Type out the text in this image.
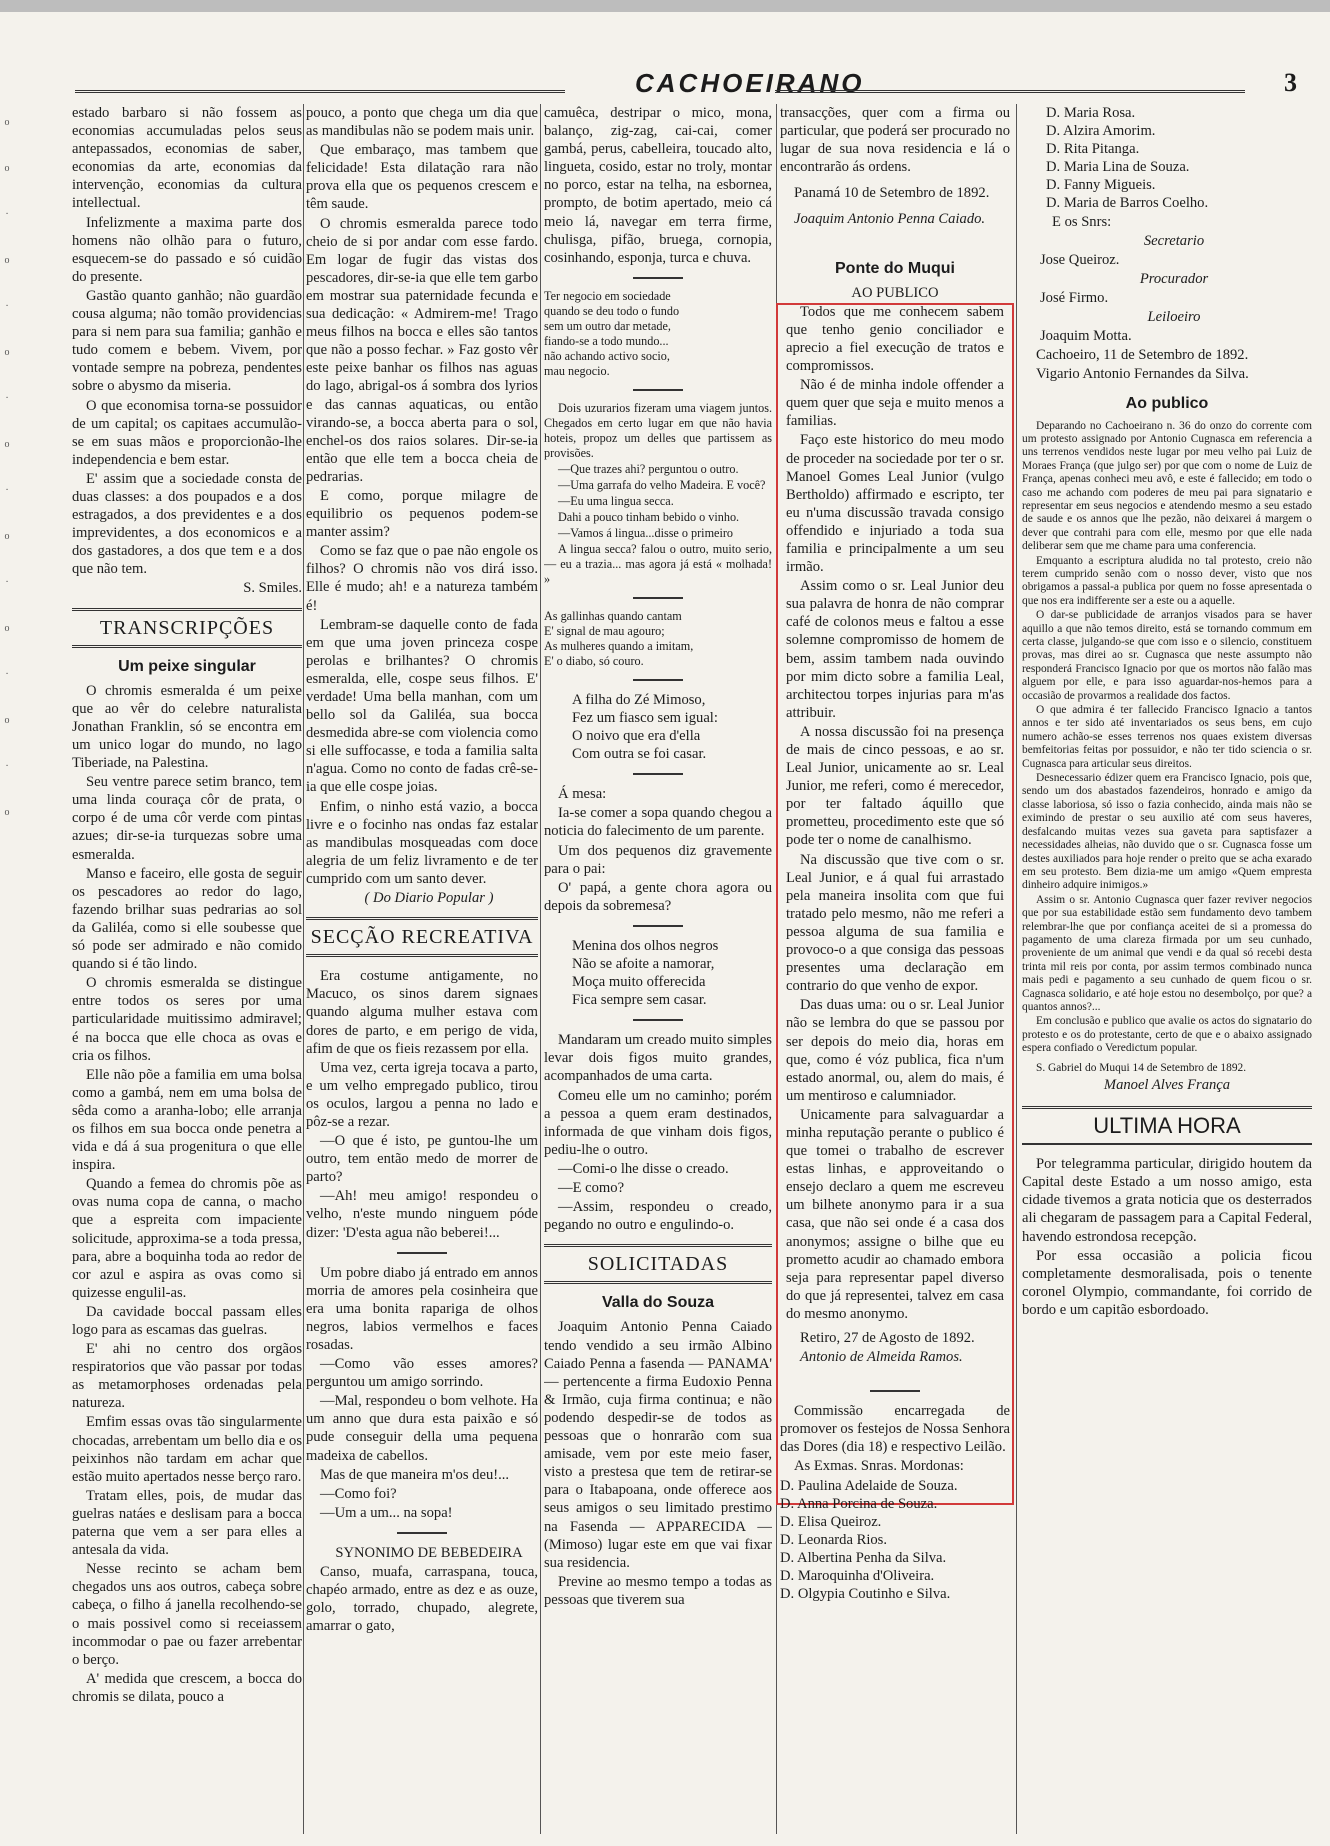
o
o
·
o
·
o
·
o
·
o
·
o
·
o
·
o
CACHOEIRANO	3

estado barbaro si não fossem as economias accumuladas pelos seus antepassados, economias de saber, economias da arte, economias da intervenção, economias da cultura intellectual.

Infelizmente a maxima parte dos homens não olhão para o futuro, esquecem-se do passado e só cuidão do presente.

Gastão quanto ganhão; não guardão cousa alguma; não tomão providencias para si nem para sua familia; ganhão e tudo comem e bebem. Vivem, por vontade sempre na pobreza, pendentes sobre o abysmo da miseria.

O que economisa torna-se possuidor de um capital; os capitaes accumulão-se em suas mãos e proporcionão-lhe independencia e bem estar.

E' assim que a sociedade consta de duas classes: a dos poupados e a dos estragados, a dos previdentes e a dos imprevidentes, a dos economicos e a dos gastadores, a dos que tem e a dos que não tem.

S. Smiles.

TRANSCRIPÇÕES
Um peixe singular

O chromis esmeralda é um peixe que ao vêr do celebre naturalista Jonathan Franklin, só se encontra em um unico logar do mundo, no lago Tiberiade, na Palestina.

Seu ventre parece setim branco, tem uma linda couraça côr de prata, o corpo é de uma côr verde com pintas azues; dir-se-ia turquezas sobre uma esmeralda.

Manso e faceiro, elle gosta de seguir os pescadores ao redor do lago, fazendo brilhar suas pedrarias ao sol da Galiléa, como si elle soubesse que só pode ser admirado e não comido quando si é tão lindo.

O chromis esmeralda se distingue entre todos os seres por uma particularidade muitissimo admiravel; é na bocca que elle choca as ovas e cria os filhos.

Elle não põe a familia em uma bolsa como a gambá, nem em uma bolsa de sêda como a aranha-lobo; elle arranja os filhos em sua bocca onde penetra a vida e dá á sua progenitura o que elle inspira.

Quando a femea do chromis põe as ovas numa copa de canna, o macho que a espreita com impaciente solicitude, approxima-se a toda pressa, para, abre a boquinha toda ao redor de cor azul e aspira as ovas como si quizesse engulil-as.

Da cavidade boccal passam elles logo para as escamas das guelras.

E' ahi no centro dos orgãos respiratorios que vão passar por todas as metamorphoses ordenadas pela natureza.

Emfim essas ovas tão singularmente chocadas, arrebentam um bello dia e os peixinhos não tardam em achar que estão muito apertados nesse berço raro.

Tratam elles, pois, de mudar das guelras natáes e deslisam para a bocca paterna que vem a ser para elles a antesala da vida.

Nesse recinto se acham bem chegados uns aos outros, cabeça sobre cabeça, o filho á janella recolhendo-se o mais possivel como si receiassem incommodar o pae ou fazer arrebentar o berço.

A' medida que crescem, a bocca do chromis se dilata, pouco a

pouco, a ponto que chega um dia que as mandibulas não se podem mais unir.

Que embaraço, mas tambem que felicidade! Esta dilatação rara não prova ella que os pequenos crescem e têm saude.

O chromis esmeralda parece todo cheio de si por andar com esse fardo. Em logar de fugir das vistas dos pescadores, dir-se-ia que elle tem garbo em mostrar sua paternidade fecunda e sua dedicação: « Admirem-me! Trago meus filhos na bocca e elles são tantos que não a posso fechar. » Faz gosto vêr este peixe banhar os filhos nas aguas do lago, abrigal-os á sombra dos lyrios e das cannas aquaticas, ou então virando-se, a bocca aberta para o sol, enchel-os dos raios solares. Dir-se-ia então que elle tem a bocca cheia de pedrarias.

E como, porque milagre de equilibrio os pequenos podem-se manter assim?

Como se faz que o pae não engole os filhos? O chromis não vos dirá isso. Elle é mudo; ah! e a natureza também é!

Lembram-se daquelle conto de fada em que uma joven princeza cospe perolas e brilhantes? O chromis esmeralda, elle, cospe seus filhos. E' verdade! Uma bella manhan, com um bello sol da Galiléa, sua bocca desmedida abre-se com violencia como si elle suffocasse, e toda a familia salta n'agua. Como no conto de fadas crê-se-ia que elle cospe joias.

Enfim, o ninho está vazio, a bocca livre e o focinho nas ondas faz estalar as mandibulas mosqueadas com doce alegria de um feliz livramento e de ter cumprido com um santo dever.

( Do Diario Popular )

SECÇÃO RECREATIVA

Era costume antigamente, no Macuco, os sinos darem signaes quando alguma mulher estava com dores de parto, e em perigo de vida, afim de que os fieis rezassem por ella.

Uma vez, certa igreja tocava a parto, e um velho empregado publico, tirou os oculos, largou a penna no lado e pôz-se a rezar.

—O que é isto, pe guntou-lhe um outro, tem então medo de morrer de parto?

—Ah! meu amigo! respondeu o velho, n'este mundo ninguem póde dizer: 'D'esta agua não beberei!...

Um pobre diabo já entrado em annos morria de amores pela cosinheira que era uma bonita rapariga de olhos negros, labios vermelhos e faces rosadas.

—Como vão esses amores? perguntou um amigo sorrindo.

—Mal, respondeu o bom velhote. Ha um anno que dura esta paixão e só pude conseguir della uma pequena madeixa de cabellos.

Mas de que maneira m'os deu!...

—Como foi?

—Um a um... na sopa!

SYNONIMO DE BEBEDEIRA

Canso, muafa, carraspana, touca, chapéo armado, entre as dez e as ouze, golo, torrado, chupado, alegrete, amarrar o gato,

camuêca, destripar o mico, mona, balanço, zig-zag, cai-cai, comer gambá, perus, cabelleira, toucado alto, lingueta, cosido, estar no troly, montar no porco, estar na telha, na esbornea, prompto, de botim apertado, meio cá meio lá, navegar em terra firme, chulisga, pifão, bruega, cornopia, cosinhando, esponja, turca e chuva.

Ter negocio em sociedade

quando se deu todo o fundo

sem um outro dar metade,

fiando-se a todo mundo...

não achando activo socio,

mau negocio.

Dois uzurarios fizeram uma viagem juntos. Chegados em certo lugar em que não havia hoteis, propoz um delles que partissem as provisões.

—Que trazes ahi? perguntou o outro.

—Uma garrafa do velho Madeira. E você?

—Eu uma lingua secca.

Dahi a pouco tinham bebido o vinho.

—Vamos á lingua...disse o primeiro

A lingua secca? falou o outro, muito serio, — eu a trazia... mas agora já está « molhada! »

As gallinhas quando cantam

E' signal de mau agouro;

As mulheres quando a imitam,

E' o diabo, só couro.

A filha do Zé Mimoso,

Fez um fiasco sem igual:

O noivo que era d'ella

Com outra se foi casar.

Á mesa:

Ia-se comer a sopa quando chegou a noticia do falecimento de um parente.

Um dos pequenos diz gravemente para o pai:

O' papá, a gente chora agora ou depois da sobremesa?

Menina dos olhos negros

Não se afoite a namorar,

Moça muito offerecida

Fica sempre sem casar.

Mandaram um creado muito simples levar dois figos muito grandes, acompanhados de uma carta.

Comeu elle um no caminho; porém a pessoa a quem eram destinados, informada de que vinham dois figos, pediu-lhe o outro.

—Comi-o lhe disse o creado.

—E como?

—Assim, respondeu o creado, pegando no outro e engulindo-o.

SOLICITADAS
Valla do Souza

Joaquim Antonio Penna Caiado tendo vendido a seu irmão Albino Caiado Penna a fasenda — PANAMA' — pertencente a firma Eudoxio Penna & Irmão, cuja firma continua; e não podendo despedir-se de todos as pessoas que o honrarão com sua amisade, vem por este meio faser, visto a prestesa que tem de retirar-se para o Itabapoana, onde offerece aos seus amigos o seu limitado prestimo na Fasenda — APPARECIDA — (Mimoso) lugar este em que vai fixar sua residencia.

Previne ao mesmo tempo a todas as pessoas que tiverem sua

transacções, quer com a firma ou particular, que poderá ser procurado no lugar de sua nova residencia e lá o encontrarão ás ordens.

Panamá 10 de Setembro de 1892.

Joaquim Antonio Penna Caiado.

Ponte do Muqui

AO PUBLICO

Todos que me conhecem sabem que tenho genio conciliador e aprecio a fiel execução de tratos e compromissos.

Não é de minha indole offender a quem quer que seja e muito menos a familias.

Faço este historico do meu modo de proceder na sociedade por ter o sr. Manoel Gomes Leal Junior (vulgo Bertholdo) affirmado e escripto, ter eu n'uma discussão travada consigo offendido e injuriado a toda sua familia e principalmente a um seu irmão.

Assim como o sr. Leal Junior deu sua palavra de honra de não comprar café de colonos meus e faltou a esse solemne compromisso de homem de bem, assim tambem nada ouvindo por mim dicto sobre a familia Leal, architectou torpes injurias para m'as attribuir.

A nossa discussão foi na presença de mais de cinco pessoas, e ao sr. Leal Junior, unicamente ao sr. Leal Junior, me referi, como é merecedor, por ter faltado áquillo que prometteu, procedimento este que só pode ter o nome de canalhismo.

Na discussão que tive com o sr. Leal Junior, e á qual fui arrastado pela maneira insolita com que fui tratado pelo mesmo, não me referi a pessoa alguma de sua familia e provoco-o a que consiga das pessoas presentes uma declaração em contrario do que venho de expor.

Das duas uma: ou o sr. Leal Junior não se lembra do que se passou por ser depois do meio dia, horas em que, como é vóz publica, fica n'um estado anormal, ou, alem do mais, é um mentiroso e calumniador.

Unicamente para salvaguardar a minha reputação perante o publico é que tomei o trabalho de escrever estas linhas, e approveitando o ensejo declaro a quem me escreveu um bilhete anonymo para ir a sua casa, que não sei onde é a casa dos anonymos; assigne o bilhe que eu prometto acudir ao chamado embora seja para representar papel diverso do que já representei, talvez em casa do mesmo anonymo.

Retiro, 27 de Agosto de 1892.

Antonio de Almeida Ramos.

Commissão encarregada de promover os festejos de Nossa Senhora das Dores (dia 18) e respectivo Leilão.

As Exmas. Snras. Mordonas:

D. Paulina Adelaide de Souza.

D. Anna Porcina de Souza.

D. Elisa Queiroz.

D. Leonarda Rios.

D. Albertina Penha da Silva.

D. Maroquinha d'Oliveira.

D. Olgypia Coutinho e Silva.

D. Maria Rosa.

D. Alzira Amorim.

D. Rita Pitanga.

D. Maria Lina de Souza.

D. Fanny Migueis.

D. Maria de Barros Coelho.

E os Snrs:

Secretario

Jose Queiroz.

Procurador

José Firmo.

Leiloeiro

Joaquim Motta.

Cachoeiro, 11 de Setembro de 1892.

Vigario Antonio Fernandes da Silva.

Ao publico

Deparando no Cachoeirano n. 36 do onzo do corrente com um protesto assignado por Antonio Cugnasca em referencia a uns terrenos vendidos neste lugar por meu velho pai Luiz de Moraes França (que julgo ser) por que com o nome de Luiz de França, apenas conheci meu avô, e este é fallecido; em todo o caso me achando com poderes de meu pai para signatario e representar em seus negocios e atendendo mesmo a seu estado de saude e os annos que lhe pezão, não deixarei á margem o dever que contrahi para com elle, mesmo por que elle nada deliberar sem que me chame para uma conferencia.

Emquanto a escriptura aludida no tal protesto, creio não terem cumprido senão com o nosso dever, visto que nos obrigamos a passal-a publica por quem no fosse apresentada o que nos era indifferente ser a este ou a aquelle.

O dar-se publicidade de arranjos visados para se haver aquillo a que não temos direito, está se tornando commum em certa classe, julgando-se que com isso e o silencio, constituem provas, mas direi ao sr. Cugnasca que neste assumpto não responderá Francisco Ignacio por que os mortos não falão mas alguem por elle, e para isso aguardar-nos-hemos para a occasião de provarmos a realidade dos factos.

O que admira é ter fallecido Francisco Ignacio a tantos annos e ter sido até inventariados os seus bens, em cujo numero achão-se esses terrenos nos quaes existem diversas bemfeitorias feitas por possuidor, e não ter tido sciencia o sr. Cugnasca para articular seus direitos.

Desnecessario édizer quem era Francisco Ignacio, pois que, sendo um dos abastados fazendeiros, honrado e amigo da classe laboriosa, só isso o fazia conhecido, ainda mais não se eximindo de prestar o seu auxilio até com seus haveres, desfalcando muitas vezes sua gaveta para saptisfazer a necessidades alheias, não duvido que o sr. Cugnasca fosse um destes auxiliados para hoje render o preito que se acha exarado em seu protesto. Bem dizia-me um amigo «Quem empresta dinheiro adquire inimigos.»

Assim o sr. Antonio Cugnasca quer fazer reviver negocios que por sua estabilidade estão sem fundamento devo tambem relembrar-lhe que por confiança aceitei de si a promessa do pagamento de uma clareza firmada por um seu cunhado, proveniente de um animal que vendi e da qual só recebi desta trinta mil reis por conta, por assim termos combinado nunca mais pedi e pagamento a seu cunhado de quem ficou o sr. Cagnasca solidario, e até hoje estou no desembolço, por que? a quantos annos?...

Em conclusão e publico que avalie os actos do signatario do protesto e os do protestante, certo de que e o abaixo assignado espera confiado o Veredictum popular.

S. Gabriel do Muqui 14 de Setembro de 1892.

Manoel Alves França

ULTIMA HORA

Por telegramma particular, dirigido houtem da Capital deste Estado a um nosso amigo, esta cidade tivemos a grata noticia que os desterrados ali chegaram de passagem para a Capital Federal, havendo estrondosa recepção.

Por essa occasião a policia ficou completamente desmoralisada, pois o tenente coronel Olympio, commandante, foi corrido de bordo e um capitão esbordoado.
